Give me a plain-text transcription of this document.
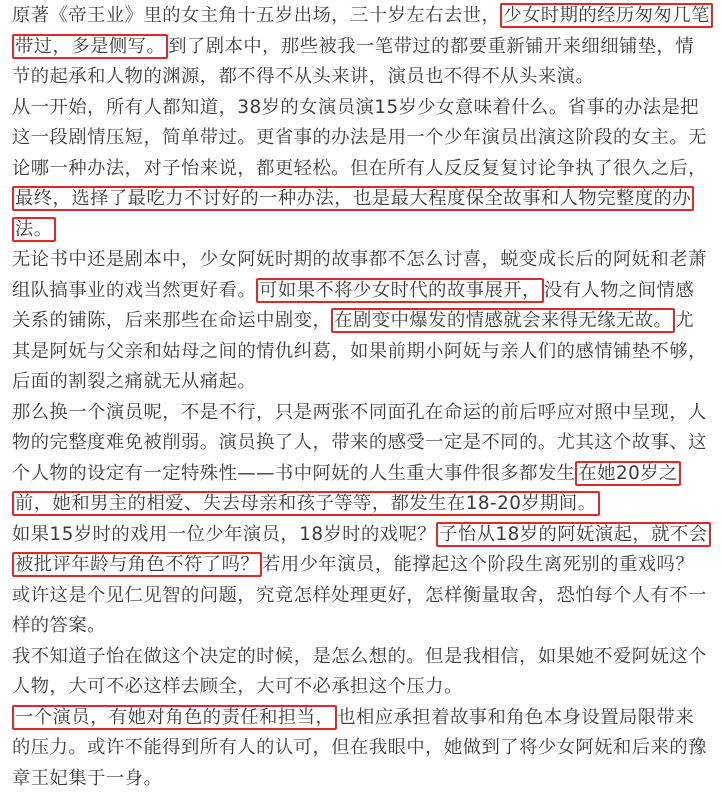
原著《帝王业》里的女主角十五岁出场，三十岁左右去世， 少女时期的经历匆匆几笔带过，多是侧写。 到了剧本中，那些被我一笔带过的都要重新铺开来细细铺垫，情节的起承和人物的渊源，都不得不从头来讲，演员也不得不从头来演。

从一开始，所有人都知道，38岁的女演员演15岁少女意味着什么。省事的办法是把这一段剧情压短，简单带过。更省事的办法是用一个少年演员出演这阶段的女主。无论哪一种办法，对子怡来说，都更轻松。但在所有人反反复复讨论争执了很久之后，最终，选择了最吃力不讨好的一种办法，也是最大程度保全故事和人物完整度的办法。

无论书中还是剧本中，少女阿妩时期的故事都不怎么讨喜，蜕变成长后的阿妩和老萧组队搞事业的戏当然更好看。 可如果不将少女时代的故事展开， 没有人物之间情感关系的铺陈，后来那些在命运中剧变， 在剧变中爆发的情感就会来得无缘无故。 尤其是阿妩与父亲和姑母之间的情仇纠葛，如果前期小阿妩与亲人们的感情铺垫不够，后面的割裂之痛就无从痛起。

那么换一个演员呢，不是不行，只是两张不同面孔在命运的前后呼应对照中呈现，人物的完整度难免被削弱。演员换了人，带来的感受一定是不同的。尤其这个故事、这个人物的设定有一定特殊性——书中阿妩的人生重大事件很多都发生 在她20岁之前，她和男主的相爱、失去母亲和孩子等等，都发生在18-20岁期间。

如果15岁时的戏用一位少年演员，18岁时的戏呢？ 子怡从18岁的阿妩演起，就不会被批评年龄与角色不符了吗？ 若用少年演员，能撑起这个阶段生离死别的重戏吗？或许这是个见仁见智的问题，究竟怎样处理更好，怎样衡量取舍，恐怕每个人有不一样的答案。

我不知道子怡在做这个决定的时候，是怎么想的。但是我相信，如果她不爱阿妩这个人物，大可不必这样去顾全，大可不必承担这个压力。

一个演员，有她对角色的责任和担当， 也相应承担着故事和角色本身设置局限带来的压力。或许不能得到所有人的认可，但在我眼中，她做到了将少女阿妩和后来的豫章王妃集于一身。
